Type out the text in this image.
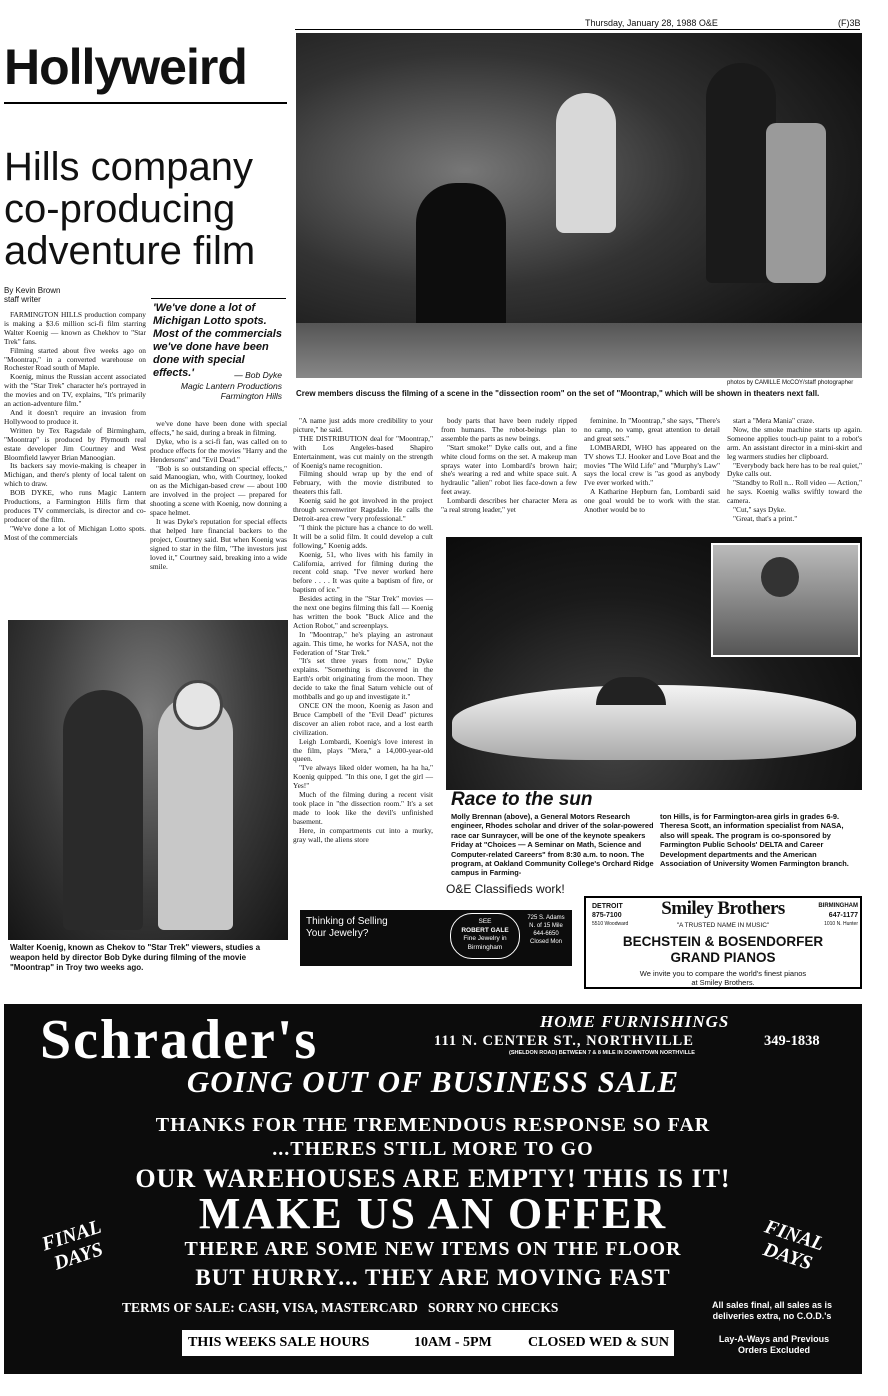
Thursday, January 28, 1988 O&E	(F)3B
Hollyweird
Hills company
co-producing
adventure film
By Kevin Brown
staff writer
photos by CAMILLE McCOY/staff photographer
Crew members discuss the filming of a scene in the "dissection room" on the set of "Moontrap," which will be shown in theaters next fall.

FARMINGTON HILLS production company is making a $3.6 million sci-fi film starring Walter Koenig — known as Chekhov to "Star Trek" fans.

Filming started about five weeks ago on "Moontrap," in a converted warehouse on Rochester Road south of Maple.

Koenig, minus the Russian accent associated with the "Star Trek" character he's portrayed in the movies and on TV, explains, "It's primarily an action-adventure film."

And it doesn't require an invasion from Hollywood to produce it.

Written by Tex Ragsdale of Birmingham, "Moontrap" is produced by Plymouth real estate developer Jim Courtney and West Bloomfield lawyer Brian Manoogian.

Its backers say movie-making is cheaper in Michigan, and there's plenty of local talent on which to draw.

BOB DYKE, who runs Magic Lantern Productions, a Farmington Hills firm that produces TV commercials, is director and co-producer of the film.

"We've done a lot of Michigan Lotto spots. Most of the commercials

'We've done a lot of Michigan Lotto spots. Most of the commercials we've done have been done with special effects.'	— Bob Dyke
Magic Lantern Productions
Farmington Hills

we've done have been done with special effects," he said, during a break in filming.

Dyke, who is a sci-fi fan, was called on to produce effects for the movies "Harry and the Hendersons" and "Evil Dead."

"Bob is so outstanding on special effects," said Manoogian, who, with Courtney, looked on as the Michigan-based crew — about 100 are involved in the project — prepared for shooting a scene with Koenig, now donning a space helmet.

It was Dyke's reputation for special effects that helped lure financial backers to the project, Courtney said. But when Koenig was signed to star in the film, "The investors just loved it," Courtney said, breaking into a wide smile.

Walter Koenig, known as Chekov to "Star Trek" viewers, studies a weapon held by director Bob Dyke during filming of the movie "Moontrap" in Troy two weeks ago.

"A name just adds more credibility to your picture," he said.

THE DISTRIBUTION deal for "Moontrap," with Los Angeles-based Shapiro Entertainment, was cut mainly on the strength of Koenig's name recognition.

Filming should wrap up by the end of February, with the movie distributed to theaters this fall.

Koenig said he got involved in the project through screenwriter Ragsdale. He calls the Detroit-area crew "very professional."

"I think the picture has a chance to do well. It will be a solid film. It could develop a cult following," Koenig adds.

Koenig, 51, who lives with his family in California, arrived for filming during the recent cold snap. "I've never worked here before . . . . It was quite a baptism of fire, or baptism of ice."

Besides acting in the "Star Trek" movies — the next one begins filming this fall — Koenig has written the book "Buck Alice and the Action Robot," and screenplays.

In "Moontrap," he's playing an astronaut again. This time, he works for NASA, not the Federation of "Star Trek."

"It's set three years from now," Dyke explains. "Something is discovered in the Earth's orbit originating from the moon. They decide to take the final Saturn vehicle out of mothballs and go up and investigate it."

ONCE ON the moon, Koenig as Jason and Bruce Campbell of the "Evil Dead" pictures discover an alien robot race, and a lost earth civilization.

Leigh Lombardi, Koenig's love interest in the film, plays "Mera," a 14,000-year-old queen.

"I've always liked older women, ha ha ha," Koenig quipped. "In this one, I get the girl — Yes!"

Much of the filming during a recent visit took place in "the dissection room." It's a set made to look like the devil's unfinished basement.

Here, in compartments cut into a murky, gray wall, the aliens store

body parts that have been rudely ripped from humans. The robot-beings plan to assemble the parts as new beings.

"Start smoke!" Dyke calls out, and a fine white cloud forms on the set. A makeup man sprays water into Lombardi's brown hair; she's wearing a red and white space suit. A hydraulic "alien" robot lies face-down a few feet away.

Lombardi describes her character Mera as "a real strong leader," yet

feminine. In "Moontrap," she says, "There's no camp, no vamp, great attention to detail and great sets."

LOMBARDI, WHO has appeared on the TV shows T.J. Hooker and Love Boat and the movies "The Wild Life" and "Murphy's Law" says the local crew is "as good as anybody I've ever worked with."

A Katharine Hepburn fan, Lombardi said one goal would be to work with the star. Another would be to

start a "Mera Mania" craze.

Now, the smoke machine starts up again. Someone applies touch-up paint to a robot's arm. An assistant director in a mini-skirt and leg warmers studies her clipboard.

"Everybody back here has to be real quiet," Dyke calls out.

"Standby to Roll n... Roll video — Action," he says. Koenig walks swiftly toward the camera.

"Cut," says Dyke.

"Great, that's a print."

Race to the sun
Molly Brennan (above), a General Motors Research engineer, Rhodes scholar and driver of the solar-powered race car Sunraycer, will be one of the keynote speakers Friday at "Choices — A Seminar on Math, Science and Computer-related Careers" from 8:30 a.m. to noon. The program, at Oakland Community College's Orchard Ridge campus in Farming-
ton Hills, is for Farmington-area girls in grades 6-9. Theresa Scott, an information specialist from NASA, also will speak. The program is co-sponsored by Farmington Public Schools' DELTA and Career Development departments and the American Association of University Women Farmington branch.
O&E Classifieds work!
Thinking of Selling Your Jewelry?
SEE
ROBERT GALE
Fine Jewelry in Birmingham
725 S. Adams
N. of 15 Mile
644-6650
Closed Mon
DETROIT
875-7100
5510 Woodward
Smiley Brothers
"A TRUSTED NAME IN MUSIC"
BIRMINGHAM
647-1177
1010 N. Hunter
BECHSTEIN & BOSENDORFER
GRAND PIANOS
We invite you to compare the world's finest pianos
at Smiley Brothers.
Schrader's	HOME FURNISHINGS
111 N. CENTER ST., NORTHVILLE	349-1838
(SHELDON ROAD) BETWEEN 7 & 8 MILE IN DOWNTOWN NORTHVILLE
GOING OUT OF BUSINESS SALE
THANKS FOR THE TREMENDOUS RESPONSE SO FAR
...THERES STILL MORE TO GO
OUR WAREHOUSES ARE EMPTY! THIS IS IT!
MAKE US AN OFFER
THERE ARE SOME NEW ITEMS ON THE FLOOR
BUT HURRY... THEY ARE MOVING FAST
FINAL DAYS
FINAL DAYS
TERMS OF SALE: CASH, VISA, MASTERCARD   SORRY NO CHECKS	All sales final, all sales as is
deliveries extra, no C.O.D.'s
THIS WEEKS SALE HOURS	10AM - 5PM	CLOSED WED & SUN	Lay-A-Ways and Previous
Orders Excluded
